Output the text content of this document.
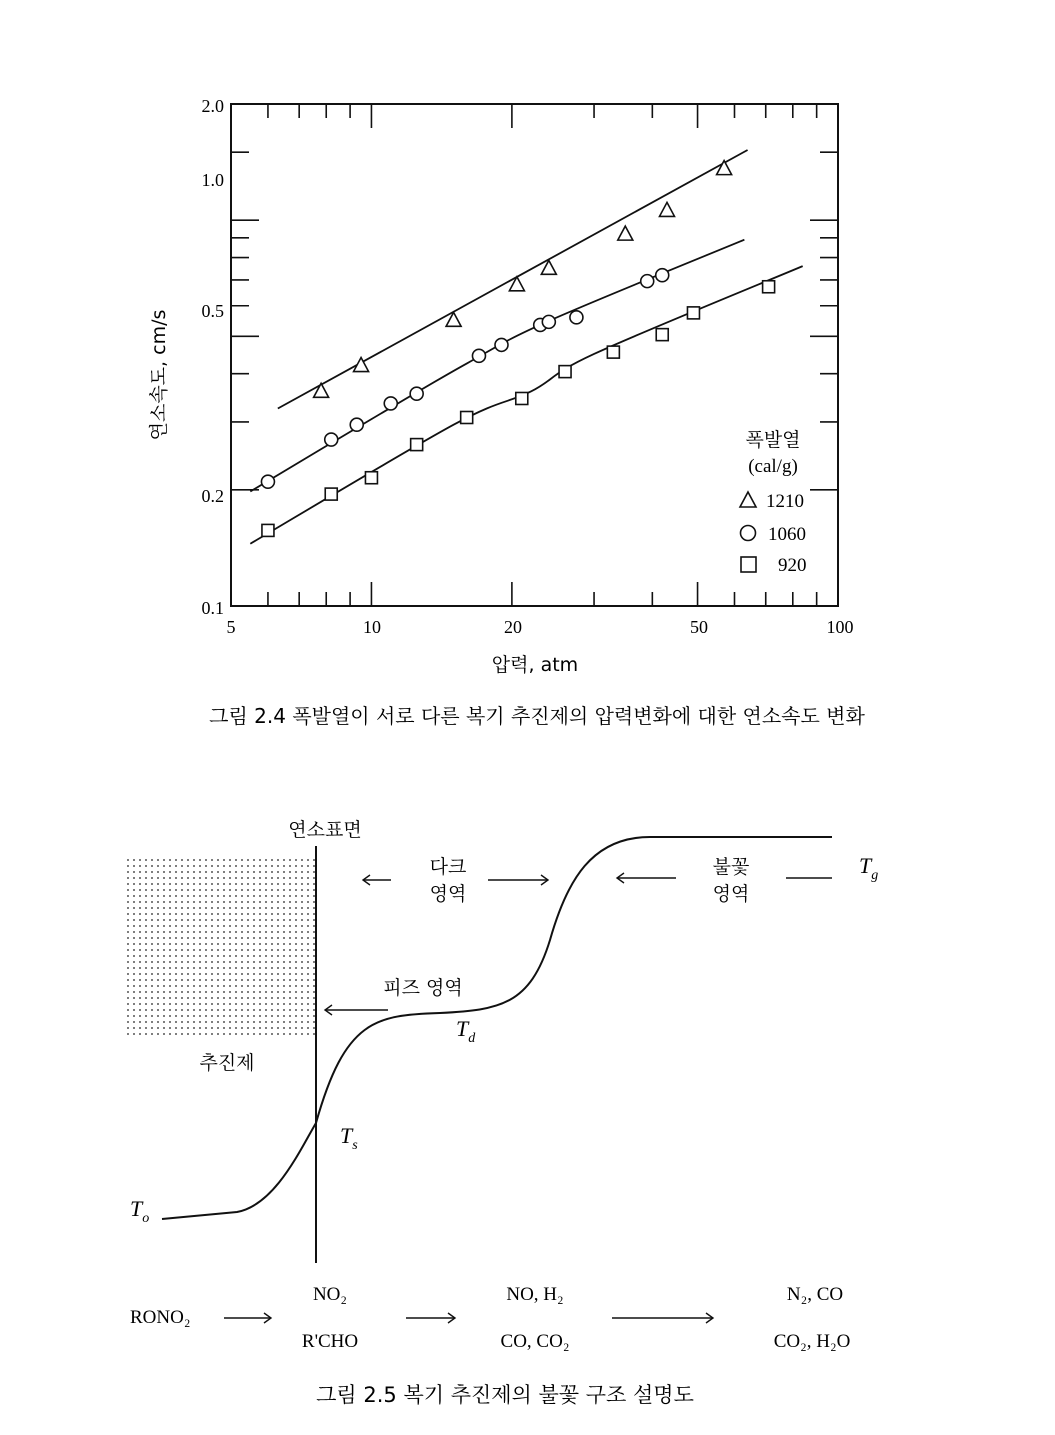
2.0
1.0
0.5
0.2
0.1
5	10	20	50	100
연소속도, cm/s
압력, atm
폭발열
(cal/g)
1210
1060
920
그림 2.4 폭발열이 서로 다른 복기 추진제의 압력변화에 대한 연소속도 변화
연소표면
다크
영역
불꽃
영역
$T_g$
피즈 영역
$T_d$
$T_s$
$T_o$
추진제
RONO₂
NO₂
R'CHO
NO, H₂
CO, CO₂
N₂, CO
CO₂, H₂O
그림 2.5 복기 추진제의 불꽃 구조 설명도
